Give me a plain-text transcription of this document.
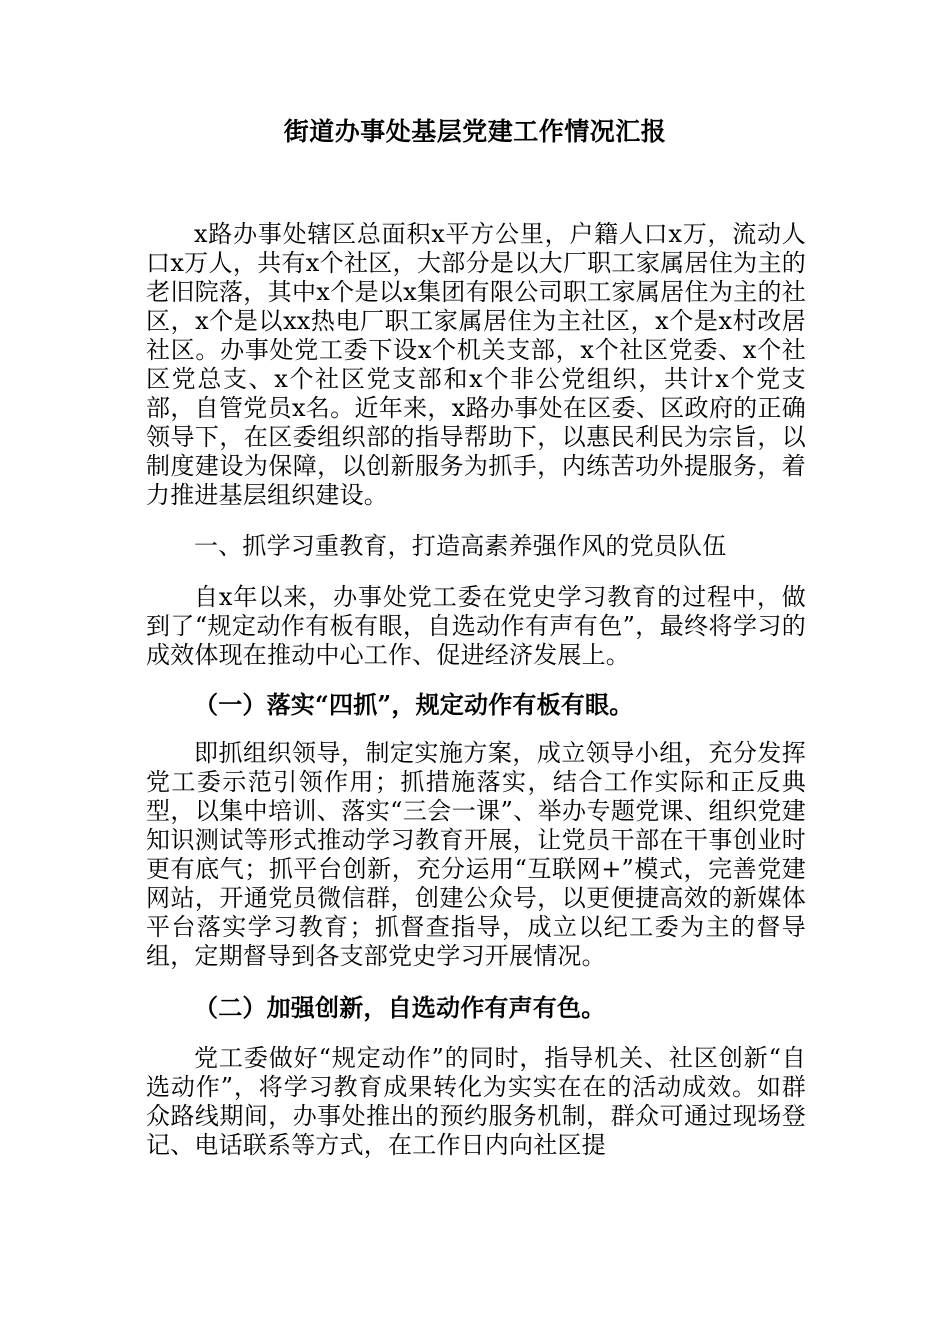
街道办事处基层党建工作情况汇报

x路办事处辖区总面积x平方公里，户籍人口x万，流动人口x万人，共有x个社区，大部分是以大厂职工家属居住为主的老旧院落，其中x个是以x集团有限公司职工家属居住为主的社区，x个是以xx热电厂职工家属居住为主社区，x个是x村改居社区。办事处党工委下设x个机关支部，x个社区党委、x个社区党总支、x个社区党支部和x个非公党组织，共计x个党支部，自管党员x名。近年来，x路办事处在区委、区政府的正确领导下，在区委组织部的指导帮助下，以惠民利民为宗旨，以制度建设为保障，以创新服务为抓手，内练苦功外提服务，着力推进基层组织建设。

一、抓学习重教育，打造高素养强作风的党员队伍

自x年以来，办事处党工委在党史学习教育的过程中，做到了“规定动作有板有眼，自选动作有声有色”，最终将学习的成效体现在推动中心工作、促进经济发展上。

（一）落实“四抓”，规定动作有板有眼。

即抓组织领导，制定实施方案，成立领导小组，充分发挥党工委示范引领作用；抓措施落实，结合工作实际和正反典型，以集中培训、落实“三会一课”、举办专题党课、组织党建知识测试等形式推动学习教育开展，让党员干部在干事创业时更有底气；抓平台创新，充分运用“互联网+”模式，完善党建网站，开通党员微信群，创建公众号，以更便捷高效的新媒体平台落实学习教育；抓督查指导，成立以纪工委为主的督导组，定期督导到各支部党史学习开展情况。

（二）加强创新，自选动作有声有色。

党工委做好“规定动作”的同时，指导机关、社区创新“自选动作”，将学习教育成果转化为实实在在的活动成效。如群众路线期间，办事处推出的预约服务机制，群众可通过现场登记、电话联系等方式，在工作日内向社区提
